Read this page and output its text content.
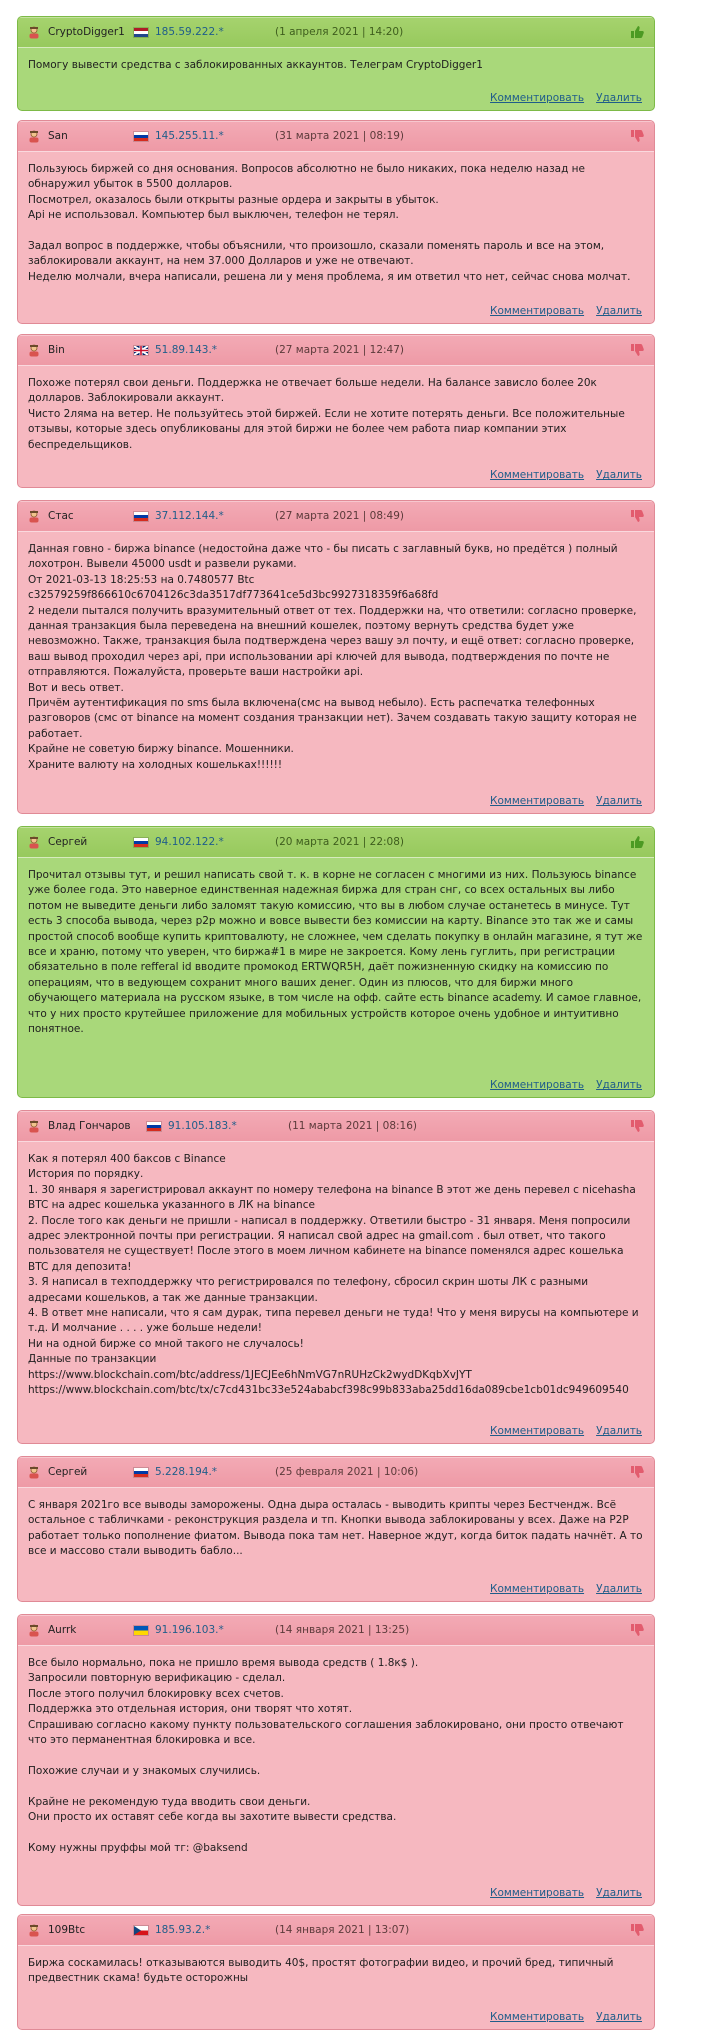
CryptoDigger1	185.59.222.*	(1 апреля 2021 | 14:20)
Помогу вывести средства с заблокированных аккаунтов. Телеграм CryptoDigger1
Комментировать Удалить
San	145.255.11.*	(31 марта 2021 | 08:19)
Пользуюсь биржей со дня основания. Вопросов абсолютно не было никаких, пока неделю назад не обнаружил убыток в 5500 долларов.
Посмотрел, оказалось были открыты разные ордера и закрыты в убыток.
Api не использовал. Компьютер был выключен, телефон не терял.
Задал вопрос в поддержке, чтобы объяснили, что произошло, сказали поменять пароль и все на этом, заблокировали аккаунт, на нем 37.000 Долларов и уже не отвечают.
Неделю молчали, вчера написали, решена ли у меня проблема, я им ответил что нет, сейчас снова молчат.
Комментировать Удалить
Bin	51.89.143.*	(27 марта 2021 | 12:47)
Похоже потерял свои деньги. Поддержка не отвечает больше недели. На балансе зависло более 20к долларов. Заблокировали аккаунт.
Чисто 2ляма на ветер. Не пользуйтесь этой биржей. Если не хотите потерять деньги. Все положительные отзывы, которые здесь опубликованы для этой биржи не более чем работа пиар компании этих беспредельщиков.
Комментировать Удалить
Стас	37.112.144.*	(27 марта 2021 | 08:49)
Данная говно - биржа binance (недостойна даже что - бы писать с заглавный букв, но предётся ) полный лохотрон. Вывели 45000 usdt и развели руками.
От 2021-03-13 18:25:53 на 0.7480577 Btc
c32579259f866610c6704126c3da3517df773641ce5d3bc9927318359f6a68fd
2 недели пытался получить вразумительный ответ от тех. Поддержки на, что ответили: согласно проверке, данная транзакция была переведена на внешний кошелек, поэтому вернуть средства будет уже невозможно. Также, транзакция была подтверждена через вашу эл почту, и ещё ответ: согласно проверке, ваш вывод проходил через api, при использовании api ключей для вывода, подтверждения по почте не отправляются. Пожалуйста, проверьте ваши настройки api.
Вот и весь ответ.
Причём аутентификация по sms была включена(смс на вывод небыло). Есть распечатка телефонных разговоров (смс от binance на момент создания транзакции нет). Зачем создавать такую защиту которая не работает.
Крайне не советую биржу binance. Мошенники.
Храните валюту на холодных кошельках!!!!!!
Комментировать Удалить
Сергей	94.102.122.*	(20 марта 2021 | 22:08)
Прочитал отзывы тут, и решил написать свой т. к. в корне не согласен с многими из них. Пользуюсь binance уже более года. Это наверное единственная надежная биржа для стран снг, со всех остальных вы либо потом не выведите деньги либо заломят такую комиссию, что вы в любом случае останетесь в минусе. Тут есть 3 способа вывода, через p2p можно и вовсе вывести без комиссии на карту. Binance это так же и самы простой способ вообще купить криптовалюту, не сложнее, чем сделать покупку в онлайн магазине, я тут же все и храню, потому что уверен, что биржа#1 в мире не закроется. Кому лень гуглить, при регистрации обязательно в поле refferal id вводите промокод ERTWQR5H, даёт пожизненную скидку на комиссию по операциям, что в ведующем сохранит много ваших денег. Один из плюсов, что для биржи много обучающего материала на русском языке, в том числе на офф. сайте есть binance academy. И самое главное, что у них просто крутейшее приложение для мобильных устройств которое очень удобное и интуитивно понятное.
Комментировать Удалить
Влад Гончаров	91.105.183.*	(11 марта 2021 | 08:16)
Как я потерял 400 баксов с Binance
История по порядку.
1. 30 января я зарегистрировал аккаунт по номеру телефона на binance В этот же день перевел с nicehasha BTC на адрес кошелька указанного в ЛК на binance
2. После того как деньги не пришли - написал в поддержку. Ответили быстро - 31 января. Меня попросили адрес электронной почты при регистрации. Я написал свой адрес на gmail.com . был ответ, что такого пользователя не существует! После этого в моем личном кабинете на binance поменялся адрес кошелька BTC для депозита!
3. Я написал в техподдержку что регистрировался по телефону, сбросил скрин шоты ЛК с разными адресами кошельков, а так же данные транзакции.
4. В ответ мне написали, что я сам дурак, типа перевел деньги не туда! Что у меня вирусы на компьютере и т.д. И молчание . . . . уже больше недели!
Ни на одной бирже со мной такого не случалось!
Данные по транзакции
https://www.blockchain.com/btc/address/1JECJEe6hNmVG7nRUHzCk2wydDKqbXvJYT
https://www.blockchain.com/btc/tx/c7cd431bc33e524ababcf398c99b833aba25dd16da089cbe1cb01dc949609540
Комментировать Удалить
Сергей	5.228.194.*	(25 февраля 2021 | 10:06)
С января 2021го все выводы заморожены. Одна дыра осталась - выводить крипты через Бестчендж. Всё остальное с табличками - реконструкция раздела и тп. Кнопки вывода заблокированы у всех. Даже на P2P работает только пополнение фиатом. Вывода пока там нет. Наверное ждут, когда биток падать начнёт. А то все и массово стали выводить бабло...
Комментировать Удалить
Aurrk	91.196.103.*	(14 января 2021 | 13:25)
Все было нормально, пока не пришло время вывода средств ( 1.8к$ ).
Запросили повторную верификацию - сделал.
После этого получил блокировку всех счетов.
Поддержка это отдельная история, они творят что хотят.
Спрашиваю согласно какому пункту пользовательского соглашения заблокировано, они просто отвечают что это перманентная блокировка и все.
Похожие случаи и у знакомых случились.
Крайне не рекомендую туда вводить свои деньги.
Они просто их оставят себе когда вы захотите вывести средства.
Кому нужны пруффы мой тг: @baksend
Комментировать Удалить
109Btc	185.93.2.*	(14 января 2021 | 13:07)
Биржа соскамилась! отказываются выводить 40$, простят фотографии видео, и прочий бред, типичный предвестник скама! будьте осторожны
Комментировать Удалить
